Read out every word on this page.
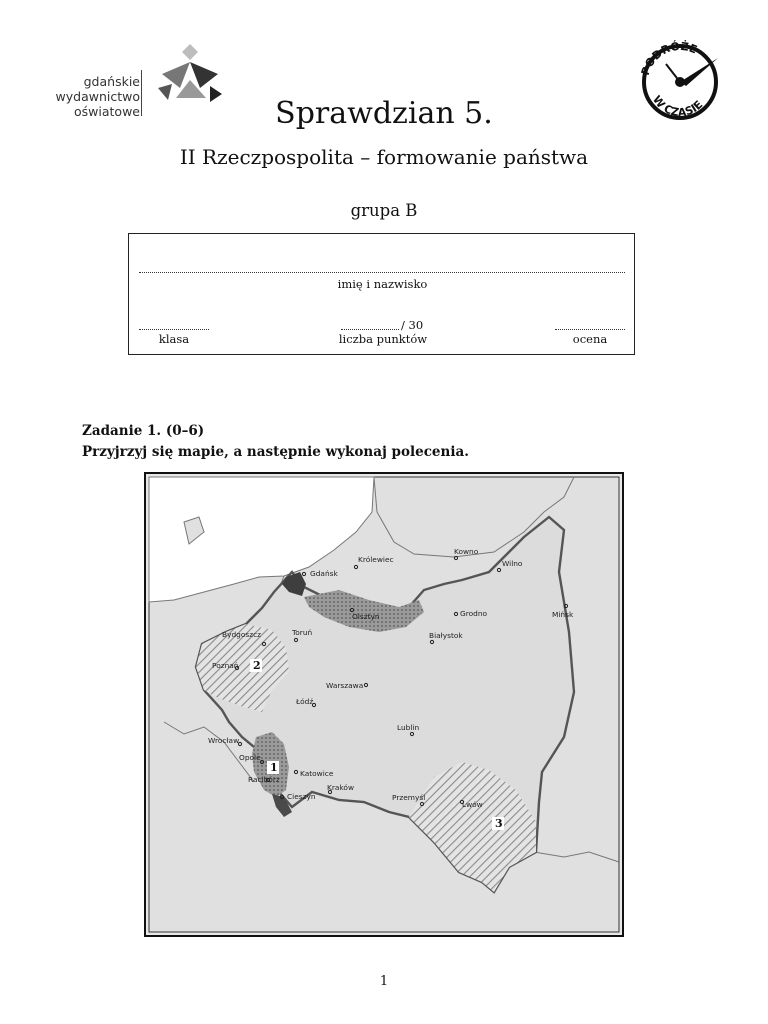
gdańskie
wydawnictwo
oświatowe
PODRÓŻE
W CZASIE
Sprawdzian 5.
II Rzeczpospolita – formowanie państwa
grupa B
imię i nazwisko
klasa
/ 30
liczba punktów	ocena
Zadanie 1. (0–6)
Przyjrzyj się mapie, a następnie wykonaj polecenia.
Gdańsk
Królewiec
Kowno
Wilno
Olsztyn	Grodno	Mińsk
Bydgoszcz	Toruń	Białystok
Poznań
Warszawa
Łódź
Wrocław
Lublin
Opole
Katowice
Racibórz
Cieszyn
Kraków
Przemyśl
Lwów
2
1
3
1
